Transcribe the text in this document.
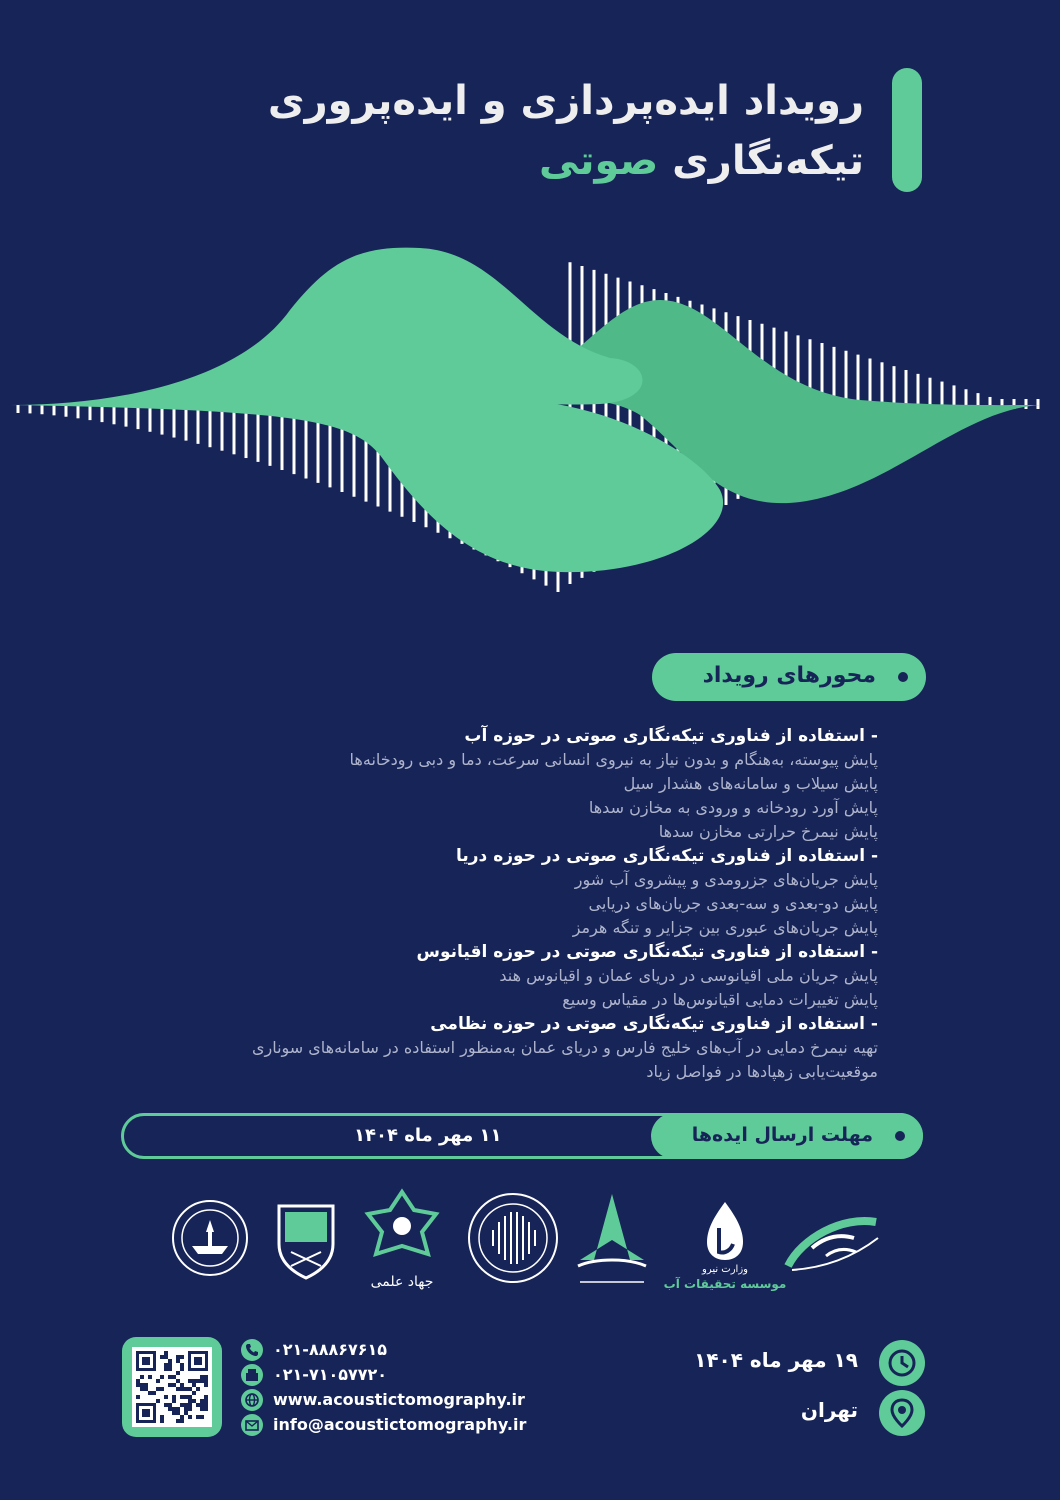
رویداد ایده‌پردازی و ایده‌پروری
تیکه‌نگاری صوتی
محورهای رویداد
- استفاده از فناوری تیکه‌نگاری صوتی در حوزه آب
پایش پیوسته، به‌هنگام و بدون نیاز به نیروی انسانی سرعت، دما و دبی رودخانه‌ها
پایش سیلاب و سامانه‌های هشدار سیل
پایش آورد رودخانه و ورودی به مخازن سدها
پایش نیمرخ حرارتی مخازن سدها
- استفاده از فناوری تیکه‌نگاری صوتی در حوزه دریا
پایش جریان‌های جزرومدی و پیشروی آب شور
پایش دو-بعدی و سه-بعدی جریان‌های دریایی
پایش جریان‌های عبوری بین جزایر و تنگه هرمز
- استفاده از فناوری تیکه‌نگاری صوتی در حوزه اقیانوس
پایش جریان ملی اقیانوسی در دریای عمان و اقیانوس هند
پایش تغییرات دمایی اقیانوس‌ها در مقیاس وسیع
- استفاده از فناوری تیکه‌نگاری صوتی در حوزه نظامی
تهیه نیمرخ دمایی در آب‌های خلیج فارس و دریای عمان به‌منظور استفاده در سامانه‌های سوناری
موقعیت‌یابی زهپادها در فواصل زیاد
مهلت ارسال ایده‌ها
۱۱ مهر ماه ۱۴۰۴
جهاد علمی
وزارت نیرو
موسسه تحقیقات آب
۰۲۱-۸۸۸۶۷۶۱۵
۰۲۱-۷۱۰۵۷۷۲۰
www.acoustictomography.ir
info@acoustictomography.ir
۱۹ مهر ماه ۱۴۰۴
تهران
